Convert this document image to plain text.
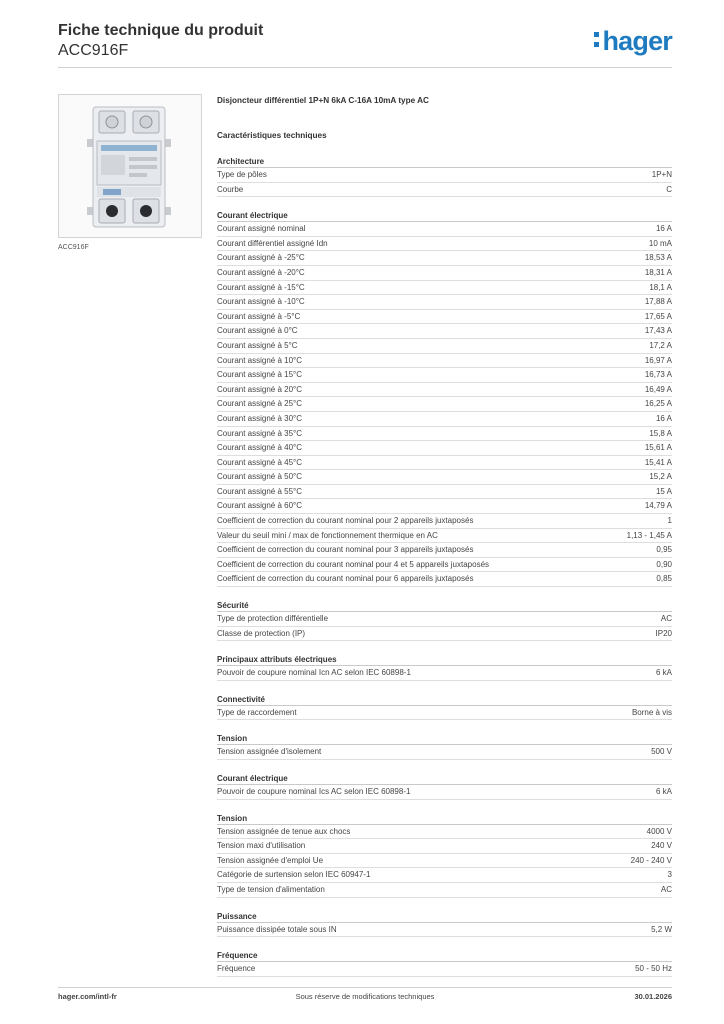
Fiche technique du produit
ACC916F	hager
ACC916F
Disjoncteur différentiel 1P+N 6kA C-16A 10mA type AC
Caractéristiques techniques
Architecture
Type de pôles	1P+N
Courbe	C
Courant électrique
Courant assigné nominal	16 A
Courant différentiel assigné Idn	10 mA
Courant assigné à -25°C	18,53 A
Courant assigné à -20°C	18,31 A
Courant assigné à -15°C	18,1 A
Courant assigné à -10°C	17,88 A
Courant assigné à -5°C	17,65 A
Courant assigné à 0°C	17,43 A
Courant assigné à 5°C	17,2 A
Courant assigné à 10°C	16,97 A
Courant assigné à 15°C	16,73 A
Courant assigné à 20°C	16,49 A
Courant assigné à 25°C	16,25 A
Courant assigné à 30°C	16 A
Courant assigné à 35°C	15,8 A
Courant assigné à 40°C	15,61 A
Courant assigné à 45°C	15,41 A
Courant assigné à 50°C	15,2 A
Courant assigné à 55°C	15 A
Courant assigné à 60°C	14,79 A
Coefficient de correction du courant nominal pour 2 appareils juxtaposés	1
Valeur du seuil mini / max de fonctionnement thermique en AC	1,13 - 1,45 A
Coefficient de correction du courant nominal pour 3 appareils juxtaposés	0,95
Coefficient de correction du courant nominal pour 4 et 5 appareils juxtaposés	0,90
Coefficient de correction du courant nominal pour 6 appareils juxtaposés	0,85
Sécurité
Type de protection différentielle	AC
Classe de protection (IP)	IP20
Principaux attributs électriques
Pouvoir de coupure nominal Icn AC selon IEC 60898-1	6 kA
Connectivité
Type de raccordement	Borne à vis
Tension
Tension assignée d'isolement	500 V
Courant électrique
Pouvoir de coupure nominal Ics AC selon IEC 60898-1	6 kA
Tension
Tension assignée de tenue aux chocs	4000 V
Tension maxi d'utilisation	240 V
Tension assignée d'emploi Ue	240 - 240 V
Catégorie de surtension selon IEC 60947-1	3
Type de tension d'alimentation	AC
Puissance
Puissance dissipée totale sous IN	5,2 W
Fréquence
Fréquence	50 - 50 Hz
hager.com/intl-fr	Sous réserve de modifications techniques	30.01.2026
